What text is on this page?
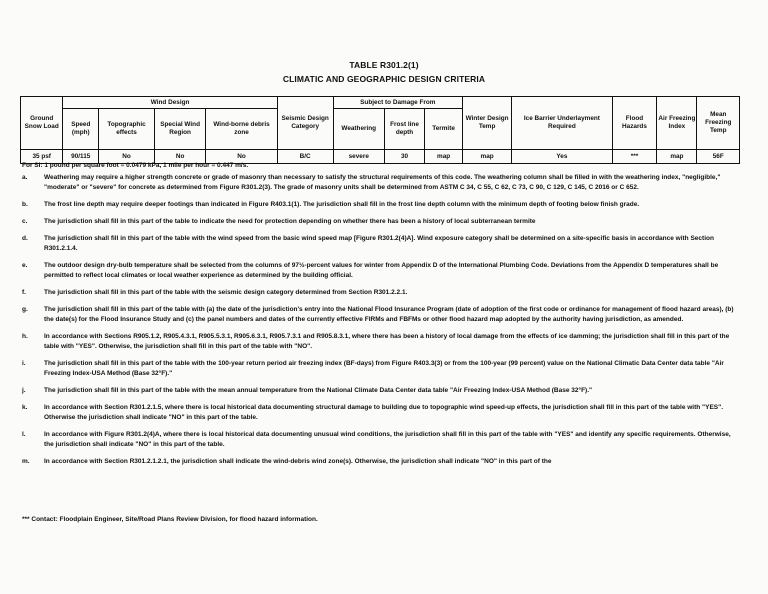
TABLE R301.2(1)
CLIMATIC AND GEOGRAPHIC DESIGN CRITERIA
Ground Snow Load	Wind Design				Seismic Design Category	Subject to Damage From			Winter Design Temp	Ice Barrier Underlayment Required	Flood Hazards	Air Freezing Index	Mean Freezing Temp
	Speed (mph)	Topographic effects	Special Wind Region	Wind-borne debris zone		Weathering	Frost line depth	Termite					
35 psf	90/115	No	No	No	B/C	severe	30	map	map	Yes	***	map	56F
For SI: 1 pound per square foot = 0.0479 kPa, 1 mile per hour = 0.447 m/s.
a.	Weathering may require a higher strength concrete or grade of masonry than necessary to satisfy the structural requirements of this code. The weathering column shall be filled in with the weathering index, "negligible," "moderate" or "severe" for concrete as determined from Figure R301.2(3). The grade of masonry units shall be determined from ASTM C 34, C 55, C 62, C 73, C 90, C 129, C 145, C 2016 or C 652.
b.	The frost line depth may require deeper footings than indicated in Figure R403.1(1). The jurisdiction shall fill in the frost line depth column with the minimum depth of footing below finish grade.
c.	The jurisdiction shall fill in this part of the table to indicate the need for protection depending on whether there has been a history of local subterranean termite
d.	The jurisdiction shall fill in this part of the table with the wind speed from the basic wind speed map [Figure R301.2(4)A]. Wind exposure category shall be determined on a site-specific basis in accordance with Section R301.2.1.4.
e.	The outdoor design dry-bulb temperature shall be selected from the columns of 97½-percent values for winter from Appendix D of the International Plumbing Code. Deviations from the Appendix D temperatures shall be permitted to reflect local climates or local weather experience as determined by the building official.
f.	The jurisdiction shall fill in this part of the table with the seismic design category determined from Section R301.2.2.1.
g.	The jurisdiction shall fill in this part of the table with (a) the date of the jurisdiction's entry into the National Flood Insurance Program (date of adoption of the first code or ordinance for management of flood hazard areas), (b) the date(s) for the Flood Insurance Study and (c) the panel numbers and dates of the currently effective FIRMs and FBFMs or other flood hazard map adopted by the authority having jurisdiction, as amended.
h.	In accordance with Sections R905.1.2, R905.4.3.1, R905.5.3.1, R905.6.3.1, R905.7.3.1 and R905.8.3.1, where there has been a history of local damage from the effects of ice damming; the jurisdiction shall fill in this part of the table with "YES". Otherwise, the jurisdiction shall fill in this part of the table with "NO".
i.	The jurisdiction shall fill in this part of the table with the 100-year return period air freezing index (BF-days) from Figure R403.3(3) or from the 100-year (99 percent) value on the National Climatic Data Center data table "Air Freezing Index-USA Method (Base 32°F)."
j.	The jurisdiction shall fill in this part of the table with the mean annual temperature from the National Climate Data Center data table "Air Freezing Index-USA Method (Base 32°F)."
k.	In accordance with Section R301.2.1.5, where there is local historical data documenting structural damage to building due to topographic wind speed-up effects, the jurisdiction shall fill in this part of the table with "YES". Otherwise the jurisdiction shall indicate "NO" in this part of the table.
l.	In accordance with Figure R301.2(4)A, where there is local historical data documenting unusual wind conditions, the jurisdiction shall fill in this part of the table with "YES" and identify any specific requirements. Otherwise, the jurisdiction shall indicate "NO" in this part of the table.
m.	In accordance with Section R301.2.1.2.1, the jurisdiction shall indicate the wind-debris wind zone(s). Otherwise, the jurisdiction shall indicate "NO" in this part of the
*** Contact: Floodplain Engineer, Site/Road Plans Review Division, for flood hazard information.
